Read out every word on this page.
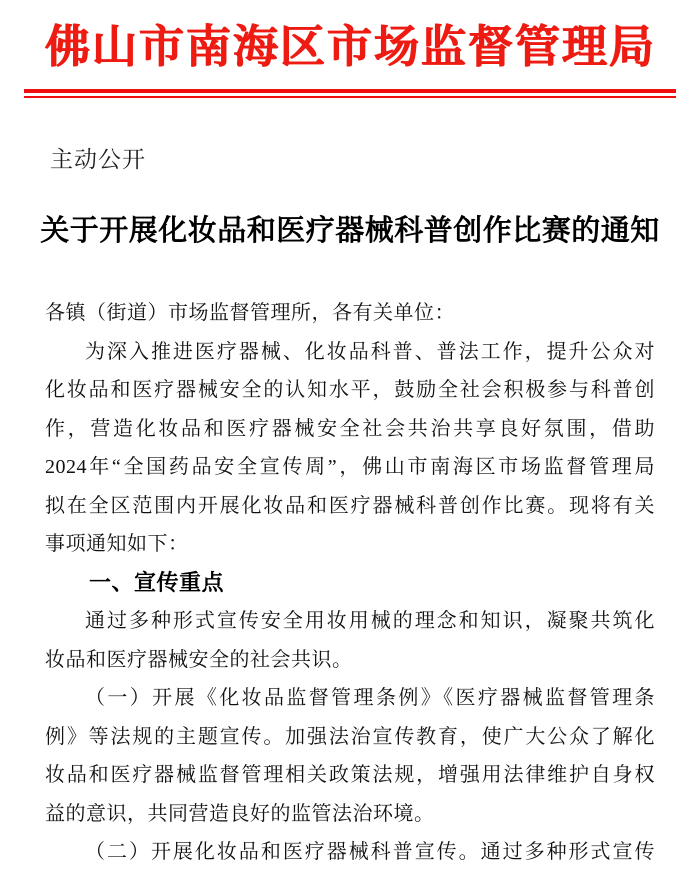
佛山市南海区市场监督管理局
主动公开
关于开展化妆品和医疗器械科普创作比赛的通知
各镇（街道）市场监督管理所，各有关单位：
为深入推进医疗器械、化妆品科普、普法工作，提升公众对
化妆品和医疗器械安全的认知水平，鼓励全社会积极参与科普创
作，营造化妆品和医疗器械安全社会共治共享良好氛围，借助
2024年“全国药品安全宣传周”，佛山市南海区市场监督管理局
拟在全区范围内开展化妆品和医疗器械科普创作比赛。现将有关
事项通知如下：
一、宣传重点
通过多种形式宣传安全用妆用械的理念和知识，凝聚共筑化
妆品和医疗器械安全的社会共识。
（一）开展《化妆品监督管理条例》《医疗器械监督管理条
例》等法规的主题宣传。加强法治宣传教育，使广大公众了解化
妆品和医疗器械监督管理相关政策法规，增强用法律维护自身权
益的意识，共同营造良好的监管法治环境。
（二）开展化妆品和医疗器械科普宣传。通过多种形式宣传
